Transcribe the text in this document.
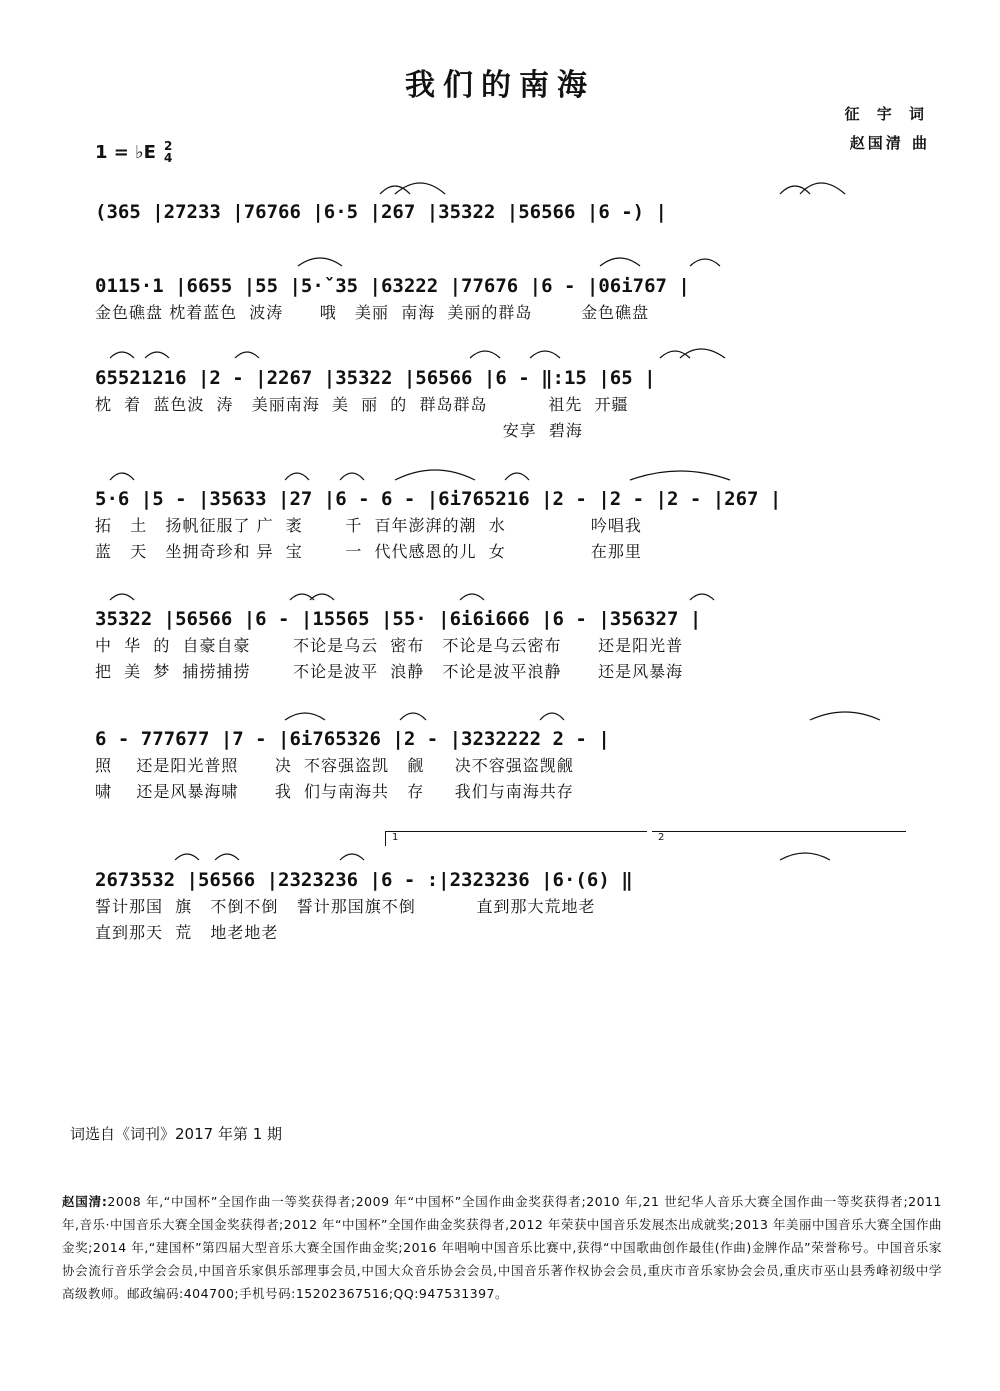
我们的南海
征 宇 词
赵国清 曲
1 = ♭E 2
4
(365 |27233 |76766 |6·5 |267 |35322 |56566 |6 -) |
0115·1 |6655 |55 |5·ˇ35 |63222 |77676 |6 - |06i767 |
金色礁盘 枕着蓝色  波涛      哦   美丽  南海  美丽的群岛        金色礁盘
65521216 |2 - |2267 |35322 |56566 |6 - ‖:15 |65 |
枕  着  蓝色波  涛   美丽南海  美  丽  的  群岛群岛          祖先  开疆
安享  碧海
5·6 |5 - |35633 |27 |6 - 6 - |6i765216 |2 - |2 - |2 - |267 |
拓   土   扬帆征服了 广  袤       千  百年澎湃的潮  水              吟唱我
蓝   天   坐拥奇珍和 异  宝       一  代代感恩的儿  女              在那里
35322 |56566 |6 - |15565 |55· |6i6i666 |6 - |356327 |
中  华  的  自豪自豪       不论是乌云  密布   不论是乌云密布      还是阳光普
把  美  梦  捕捞捕捞       不论是波平  浪静   不论是波平浪静      还是风暴海
6 - 777677 |7 - |6i765326 |2 - |3232222 2 - |
照    还是阳光普照      决  不容强盗凯   觎     决不容强盗觊觎
啸    还是风暴海啸      我  们与南海共   存     我们与南海共存
1	2
2673532 |56566 |2323236 |6 - :|2323236 |6·(6) ‖
誓计那国  旗   不倒不倒   誓计那国旗不倒          直到那大荒地老
直到那天  荒   地老地老
词选自《词刊》2017 年第 1 期
赵国清:2008 年,“中国杯”全国作曲一等奖获得者;2009 年“中国杯”全国作曲金奖获得者;2010 年,21 世纪华人音乐大赛全国作曲一等奖获得者;2011 年,音乐·中国音乐大赛全国金奖获得者;2012 年“中国杯”全国作曲金奖获得者,2012 年荣获中国音乐发展杰出成就奖;2013 年美丽中国音乐大赛全国作曲金奖;2014 年,“建国杯”第四届大型音乐大赛全国作曲金奖;2016 年唱响中国音乐比赛中,获得“中国歌曲创作最佳(作曲)金牌作品”荣誉称号。中国音乐家协会流行音乐学会会员,中国音乐家俱乐部理事会员,中国大众音乐协会会员,中国音乐著作权协会会员,重庆市音乐家协会会员,重庆市巫山县秀峰初级中学高级教师。邮政编码:404700;手机号码:15202367516;QQ:947531397。
